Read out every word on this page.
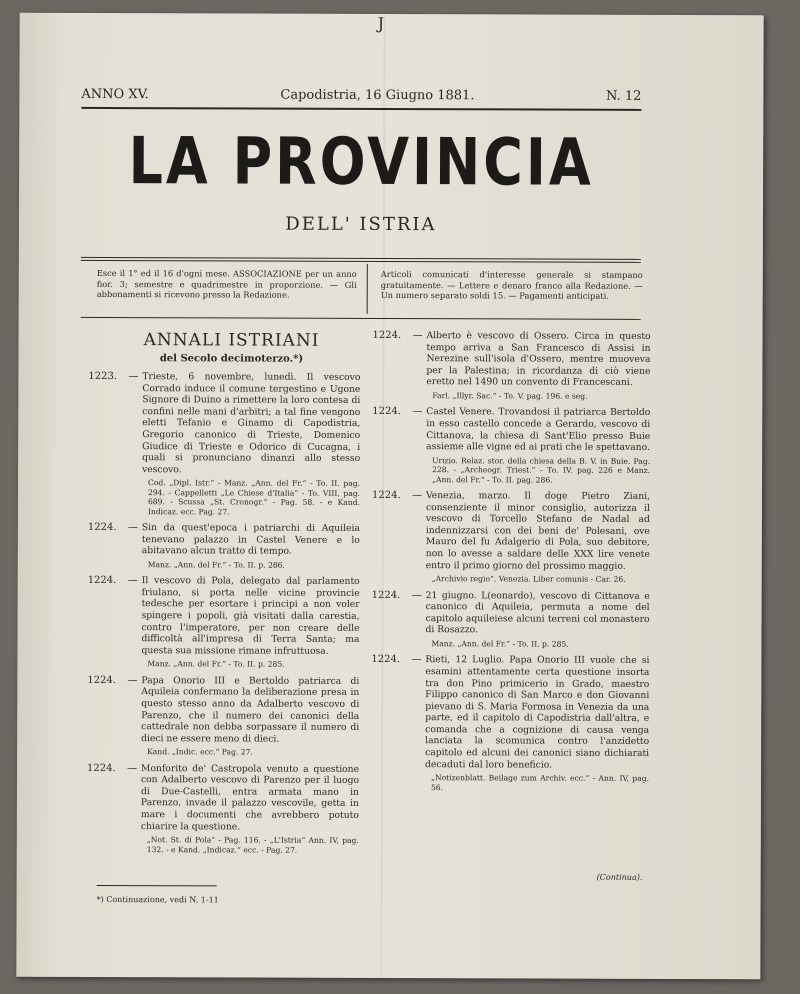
J
ANNO XV.	Capodistria, 16 Giugno 1881.	N. 12
LA PROVINCIA
DELL' ISTRIA
Esce il 1° ed il 16 d'ogni mese. ASSOCIAZIONE per un anno fior. 3; semestre e quadrimestre in proporzione. — Gli abbonamenti si ricevono presso la Redazione.
Articoli comunicati d'interesse generale si stampano gratuitamente. — Lettere e denaro franco alla Redazione. — Un numero separato soldi 15. — Pagamenti anticipati.
ANNALI ISTRIANI
del Secolo decimoterzo.*)
1223.	— Trieste, 6 novembre, lunedì. Il vescovo Corrado induce il comune tergestino e Ugone Signore di Duino a rimettere la loro contesa di confini nelle mani d'arbitri; a tal fine vengono eletti Tefanio e Ginamo di Capodistria, Gregorio canonico di Trieste, Domenico Giudice di Trieste e Odorico di Cucagna, i quali si pronunciano dinanzi allo stesso vescovo.
Cod. „Dipl. Istr.“ - Manz. „Ann. del Fr.“ - To. II. pag. 294. - Cappelletti „Le Chiese d'Italia“ - To. VIII, pag. 689. - Scussa „St. Cronogr.“ - Pag. 58. - e Kand. Indicaz. ecc. Pag. 27.
1224.	— Sin da quest'epoca i patriarchi di Aquileia tenevano palazzo in Castel Venere e lo abitavano alcun tratto di tempo.
Manz. „Ann. del Fr.“ - To. II. p. 286.
1224.	— Il vescovo di Pola, delegato dal parlamento friulano, si porta nelle vicine provincie tedesche per esortare i principi a non voler spingere i popoli, già visitati dalla carestia, contro l'imperatore, per non creare delle difficoltà all'impresa di Terra Santa; ma questa sua missione rimane infruttuosa.
Manz. „Ann. del Fr.“ - To. II. p. 285.
1224.	— Papa Onorio III e Bertoldo patriarca di Aquileia confermano la deliberazione presa in questo stesso anno da Adalberto vescovo di Parenzo, che il numero dei canonici della cattedrale non debba sorpassare il numero di dieci ne essere meno di dieci.
Kand. „Indic. ecc.“ Pag. 27.
1224.	— Monforito de' Castropola venuto a questione con Adalberto vescovo di Parenzo per il luogo di Due-Castelli, entra armata mano in Parenzo, invade il palazzo vescovile, getta in mare i documenti che avrebbero potuto chiarire la questione.
„Not. St. di Pola“ - Pag. 116. - „L'Istria“ Ann. IV, pag. 132. - e Kand. „Indicaz.“ ecc. - Pag. 27.
1224.	— Alberto è vescovo di Ossero. Circa in questo tempo arriva a San Francesco di Assisi in Nerezine sull'isola d'Ossero, mentre muoveva per la Palestina; in ricordanza di ciò viene eretto nel 1490 un convento di Francescani.
Farl. „Illyr. Sac.“ - To. V. pag. 196. e seg.
1224.	— Castel Venere. Trovandosi il patriarca Bertoldo in esso castello concede a Gerardo, vescovo di Cittanova, la chiesa di Sant'Elio presso Buie assieme alle vigne ed ai prati che le spettavano.
Urizio. Relaz. stor. della chiesa della B. V. in Buie. Pag. 228. - „Archeogr. Triest.“ - To. IV. pag. 226 e Manz. „Ann. del Fr.“ - To. II. pag. 286.
1224.	— Venezia, marzo. Il doge Pietro Ziani, consenziente il minor consiglio, autorizza il vescovo di Torcello Stefano de Nadal ad indennizzarsi con dei beni de' Polesani, ove Mauro del fu Adalgerio di Pola, suo debitore, non lo avesse a saldare delle XXX lire venete entro il primo giorno del prossimo maggio.
„Archivio regio“, Venezia. Liber comunis - Car. 26.
1224.	— 21 giugno. L(eonardo), vescovo di Cittanova e canonico di Aquileia, permuta a nome del capitolo aquileiese alcuni terreni col monastero di Rosazzo.
Manz. „Ann. del Fr.“ - To. II. p. 285.
1224.	— Rieti, 12 Luglio. Papa Onorio III vuole che si esamini attentamente certa questione insorta tra don Pino primicerio in Grado, maestro Filippo canonico di San Marco e don Giovanni pievano di S. Maria Formosa in Venezia da una parte, ed il capitolo di Capodistria dall'altra, e comanda che a cognizione di causa venga lanciata la scomunica contro l'anzidetto capitolo ed alcuni dei canonici siano dichiarati decaduti dal loro beneficio.
„Notizenblatt. Beilage zum Archiv. ecc.“ - Ann. IV, pag. 56.
(Continua).
*) Continuazione, vedi N. 1-11
